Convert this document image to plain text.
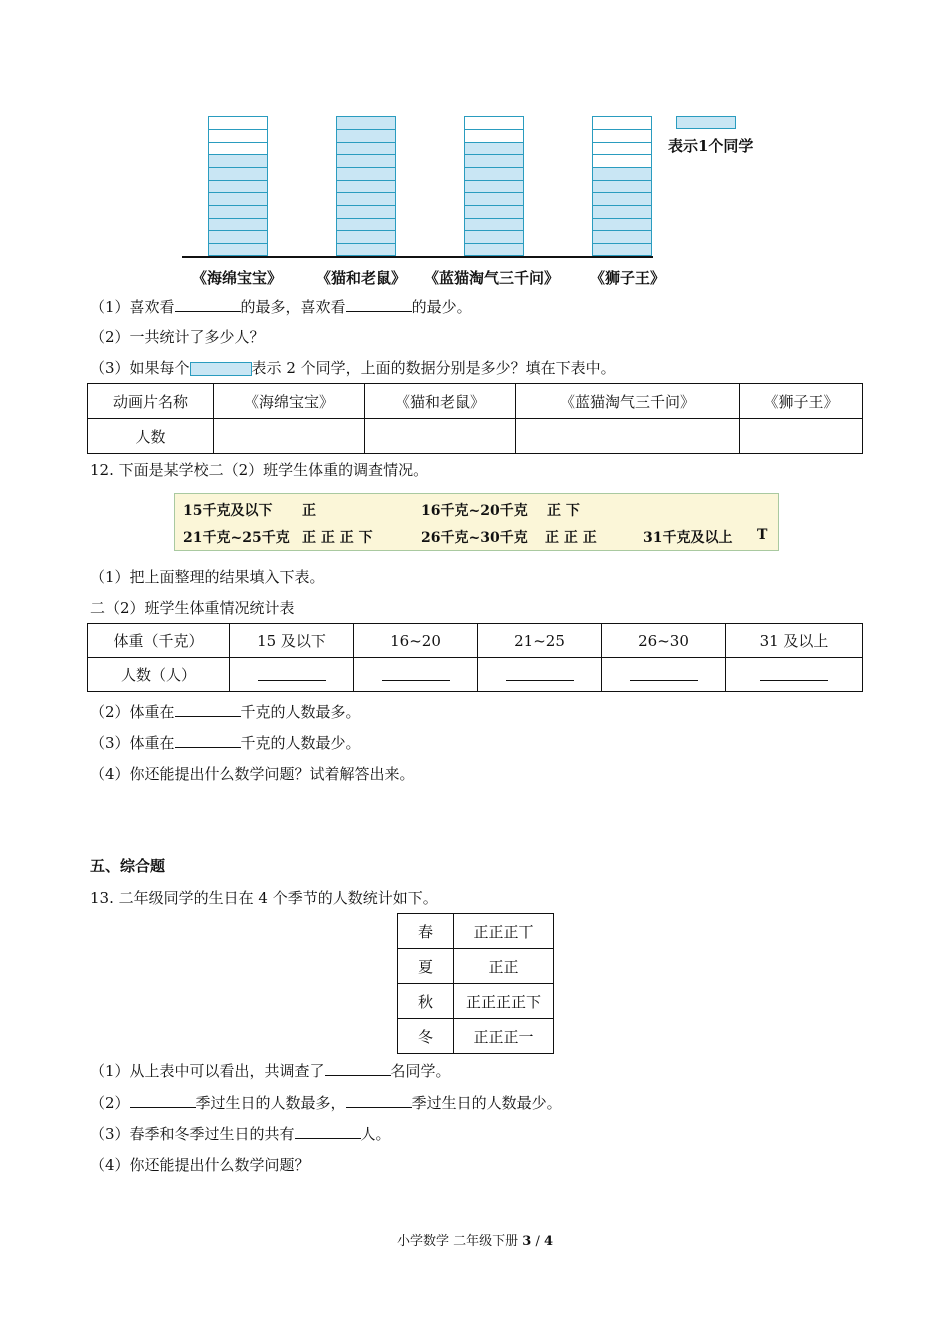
表示1个同学
《海绵宝宝》 《猫和老鼠》 《蓝猫淘气三千问》 《狮子王》
（1）喜欢看	的最多，喜欢看	的最少。
（2）一共统计了多少人？
（3）如果每个	表示 2 个同学，上面的数据分别是多少？填在下表中。
动画片名称	《海绵宝宝》	《猫和老鼠》	《蓝猫淘气三千问》	《狮子王》
人数				
12. 下面是某学校二（2）班学生体重的调查情况。
15千克及以下 正	16千克~20千克 正 下
21千克~25千克 正 正 正 下	26千克~30千克 正 正 正	31千克及以上 T
（1）把上面整理的结果填入下表。
二（2）班学生体重情况统计表
体重（千克）	15 及以下	16~20	21~25	26~30	31 及以上
人数（人）					
（2）体重在	千克的人数最多。
（3）体重在	千克的人数最少。
（4）你还能提出什么数学问题？试着解答出来。
五、综合题
13. 二年级同学的生日在 4 个季节的人数统计如下。
春	正正正丅
夏	正正
秋	正正正正下
冬	正正正一
（1）从上表中可以看出，共调查了	名同学。
（2）	季过生日的人数最多，	季过生日的人数最少。
（3）春季和冬季过生日的共有	人。
（4）你还能提出什么数学问题？
小学数学 二年级下册 3 / 4
